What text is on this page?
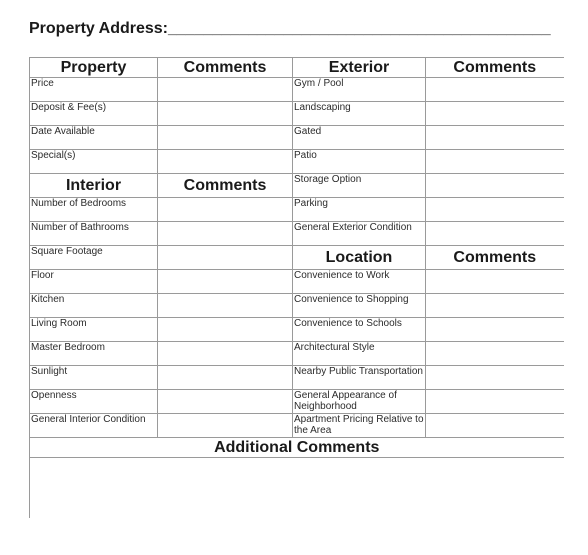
Property Address:___________________________________________
Property	Comments	Exterior	Comments
Price		Gym / Pool	
Deposit & Fee(s)		Landscaping	
Date Available		Gated	
Special(s)		Patio	
Interior	Comments	Storage Option	
Number of Bedrooms		Parking	
Number of Bathrooms		General Exterior Condition	
Square Footage		Location	Comments
Floor		Convenience to Work	
Kitchen		Convenience to Shopping	
Living Room		Convenience to Schools	
Master Bedroom		Architectural Style	
Sunlight		Nearby Public Transportation	
Openness		General Appearance of Neighborhood	
General Interior Condition		Apartment Pricing Relative to the Area	
Additional Comments			
